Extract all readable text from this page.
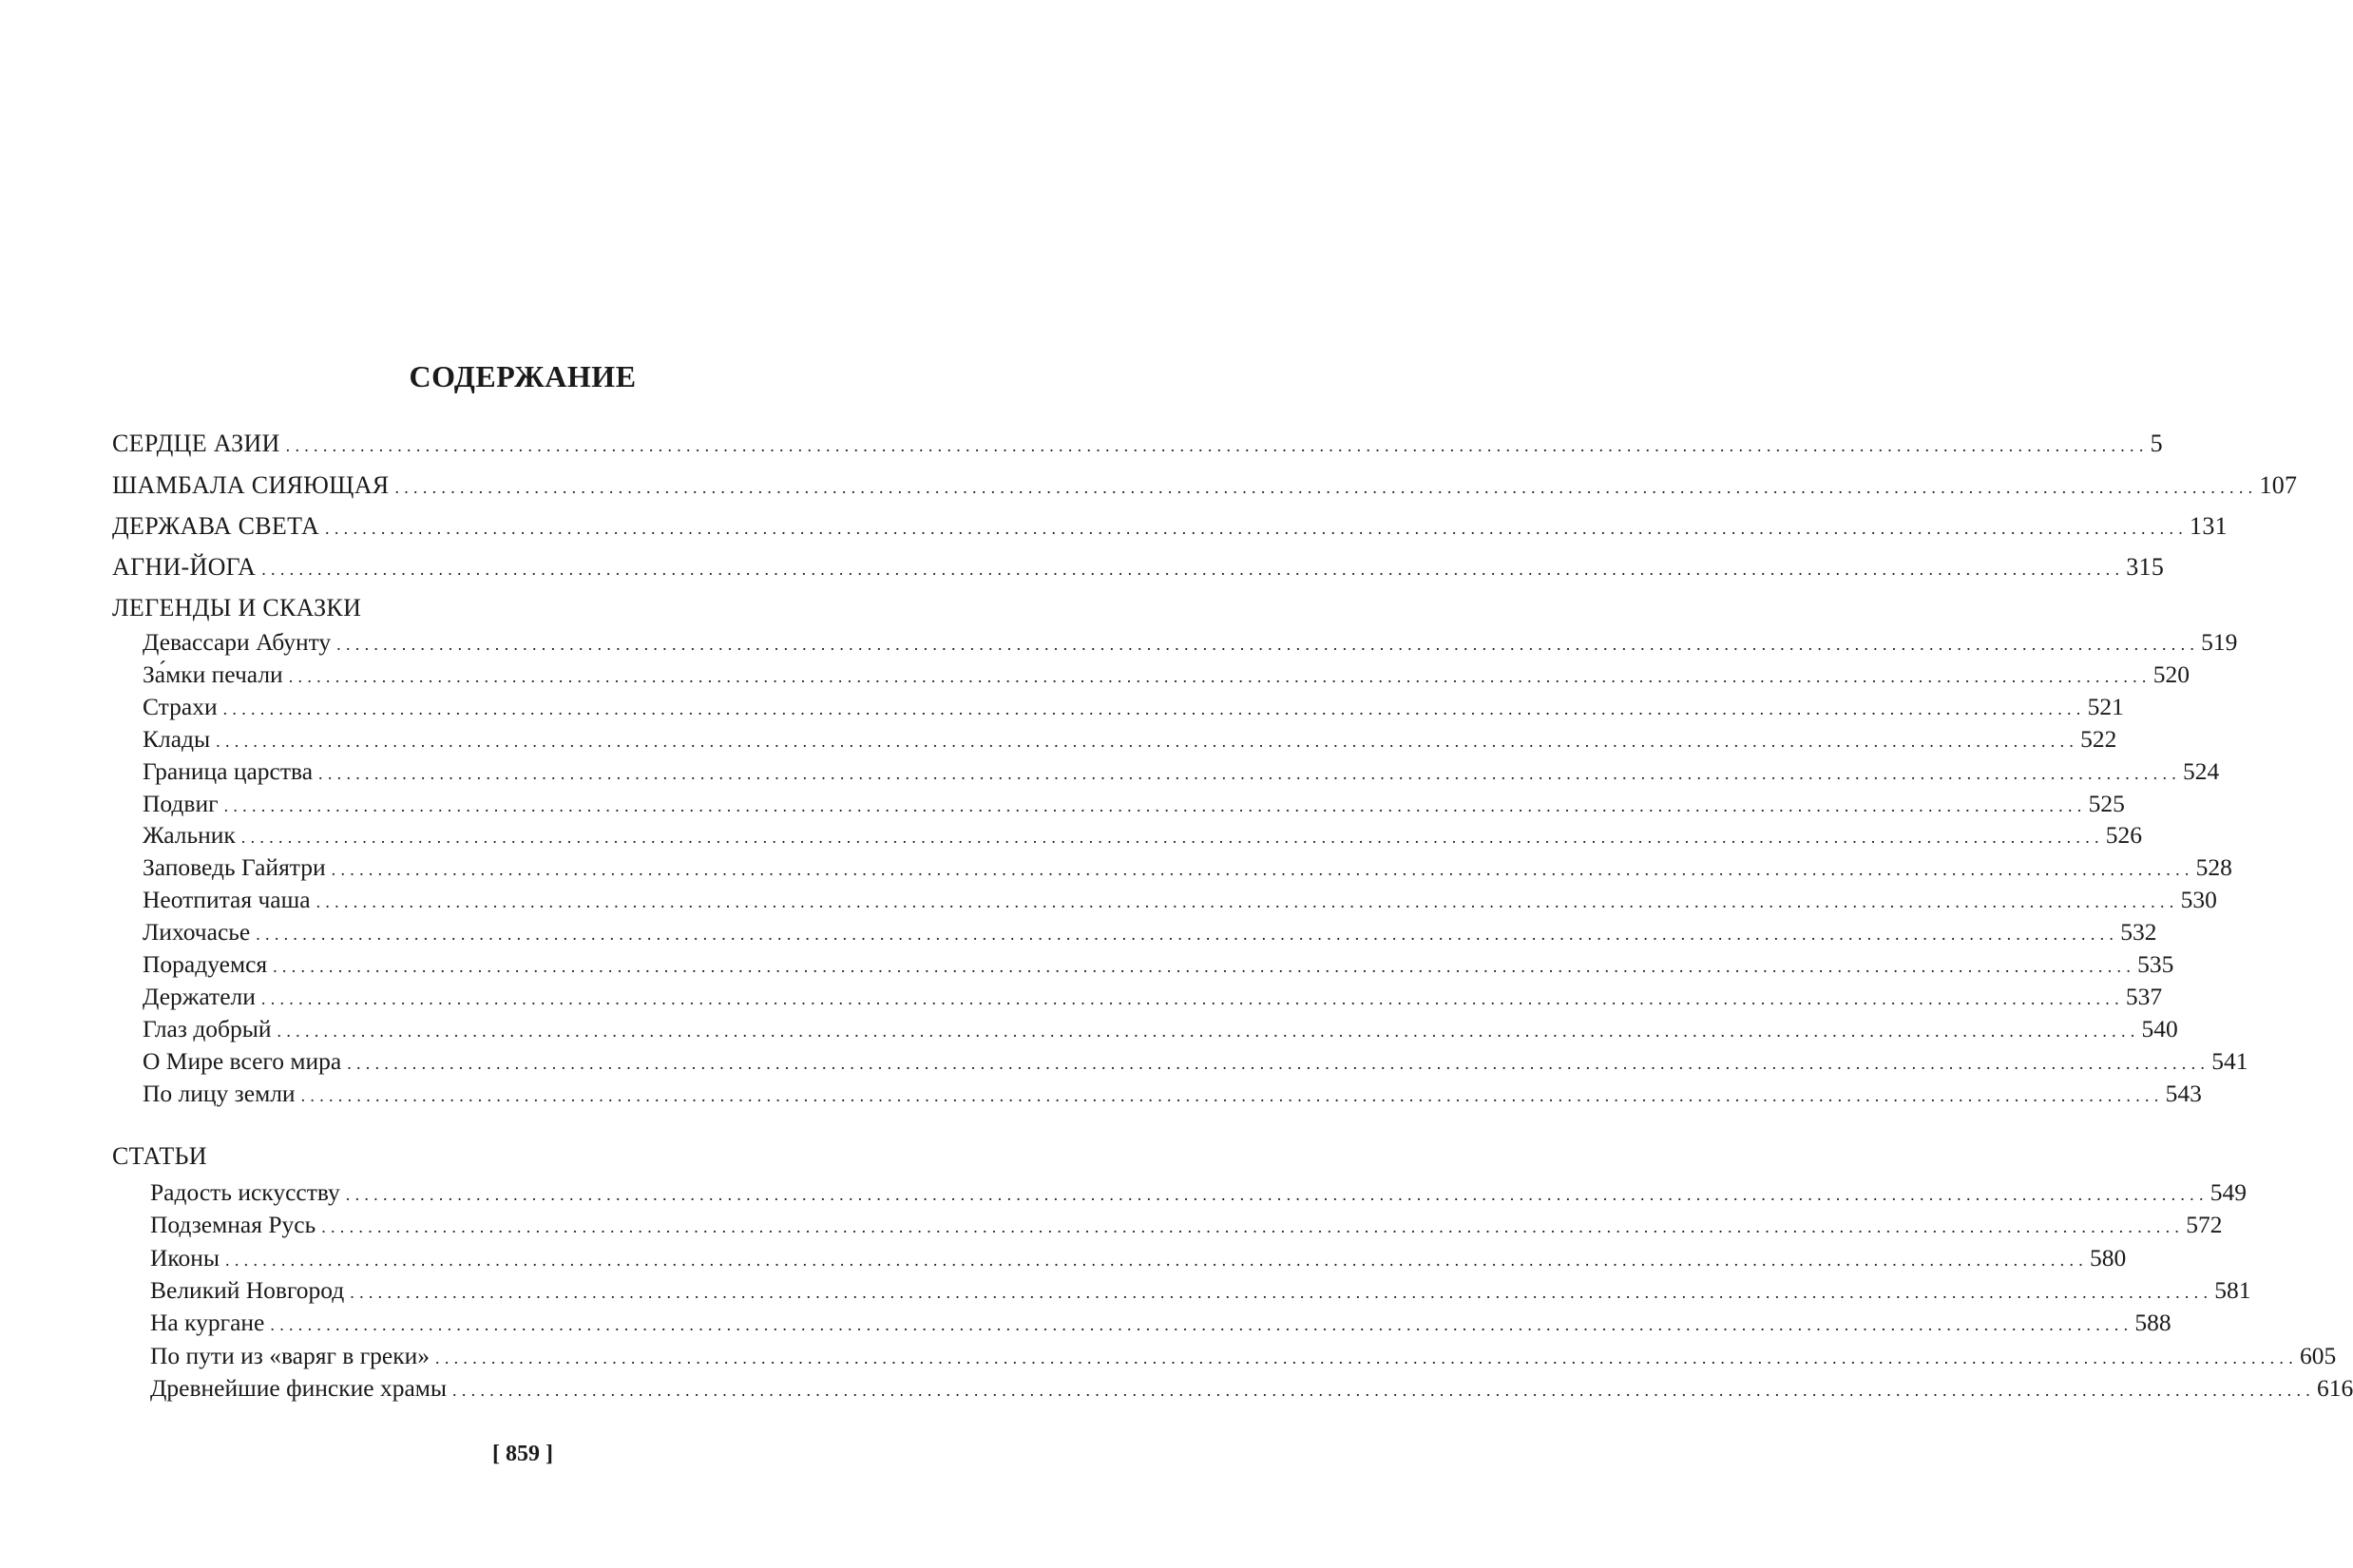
СОДЕРЖАНИЕ
СЕРДЦЕ АЗИИ ........................................................................................................................................................................................................ 5
ШАМБАЛА СИЯЮЩАЯ ........................................................................................................................................................................................................ 107
ДЕРЖАВА СВЕТА ........................................................................................................................................................................................................ 131
АГНИ-ЙОГА ........................................................................................................................................................................................................ 315
ЛЕГЕНДЫ И СКАЗКИ
Девассари Абунту ........................................................................................................................................................................................................ 519
За́мки печали ........................................................................................................................................................................................................ 520
Страхи ........................................................................................................................................................................................................ 521
Клады ........................................................................................................................................................................................................ 522
Граница царства ........................................................................................................................................................................................................ 524
Подвиг ........................................................................................................................................................................................................ 525
Жальник ........................................................................................................................................................................................................ 526
Заповедь Гайятри ........................................................................................................................................................................................................ 528
Неотпитая чаша ........................................................................................................................................................................................................ 530
Лихочасье ........................................................................................................................................................................................................ 532
Порадуемся ........................................................................................................................................................................................................ 535
Держатели ........................................................................................................................................................................................................ 537
Глаз добрый ........................................................................................................................................................................................................ 540
О Мире всего мира ........................................................................................................................................................................................................ 541
По лицу земли ........................................................................................................................................................................................................ 543
СТАТЬИ
Радость искусству ........................................................................................................................................................................................................ 549
Подземная Русь ........................................................................................................................................................................................................ 572
Иконы ........................................................................................................................................................................................................ 580
Великий Новгород ........................................................................................................................................................................................................ 581
На кургане ........................................................................................................................................................................................................ 588
По пути из «варяг в греки» ........................................................................................................................................................................................................ 605
Древнейшие финские храмы ........................................................................................................................................................................................................ 616
[ 859 ]
